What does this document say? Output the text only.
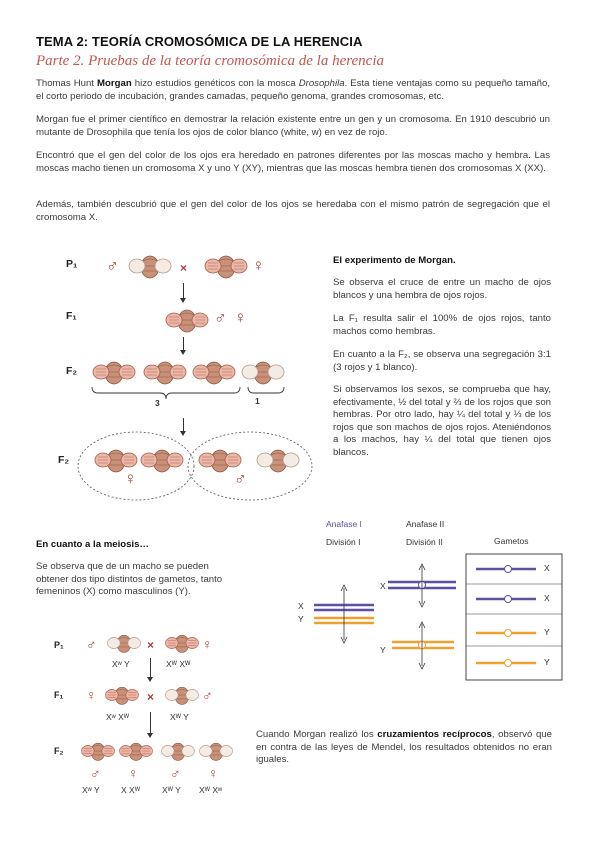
TEMA 2: TEORÍA CROMOSÓMICA DE LA HERENCIA
Parte 2. Pruebas de la teoría cromosómica de la herencia
Thomas Hunt Morgan hizo estudios genéticos con la mosca Drosophila. Esta tiene ventajas como su pequeño tamaño, el corto periodo de incubación, grandes camadas, pequeño genoma, grandes cromosomas, etc.
Morgan fue el primer científico en demostrar la relación existente entre un gen y un cromosoma. En 1910 descubrió un mutante de Drosophila que tenía los ojos de color blanco (white, w) en vez de rojo.
Encontró que el gen del color de los ojos era heredado en patrones diferentes por las moscas macho y hembra. Las moscas macho tienen un cromosoma X y uno Y (XY), mientras que las moscas hembra tienen dos cromosomas X (XX).
Además, también descubrió que el gen del color de los ojos se heredaba con el mismo patrón de segregación que el cromosoma X.
P₁
F₁
F₂
F₂
♂	×	♀
♂ ♀
3	1
♀	♂
El experimento de Morgan.
Se observa el cruce de entre un macho de ojos blancos y una hembra de ojos rojos.
La F₁ resulta salir el 100% de ojos rojos, tanto machos como hembras.
En cuanto a la F₂, se observa una segregación 3:1 (3 rojos y 1 blanco).
Si observamos los sexos, se comprueba que hay, efectivamente, ½ del total y ⅔ de los rojos que son hembras. Por otro lado, hay ¼ del total y ⅓ de los rojos que son machos de ojos rojos. Ateniéndonos a los machos, hay ¼ del total que tienen ojos blancos.
En cuanto a la meiosis…
Se observa que de un macho se pueden obtener dos tipo distintos de gametos, tanto femeninos (X) como masculinos (Y).
Anafase I
División I
Anafase II
División II	Gametos
X
Y
X
Y
X
X
Y
Y
P₁
F₁
F₂
♂	×	♀
Xʷ Y	Xᵂ Xᵂ
♀	×	♂
Xʷ Xᵂ	Xᵂ Y
♂ ♀ ♂ ♀
Xʷ Y	X Xᵂ	Xᵂ Y Xᵂ Xʷ
Cuando Morgan realizó los cruzamientos recíprocos, observó que en contra de las leyes de Mendel, los resultados obtenidos no eran iguales.
